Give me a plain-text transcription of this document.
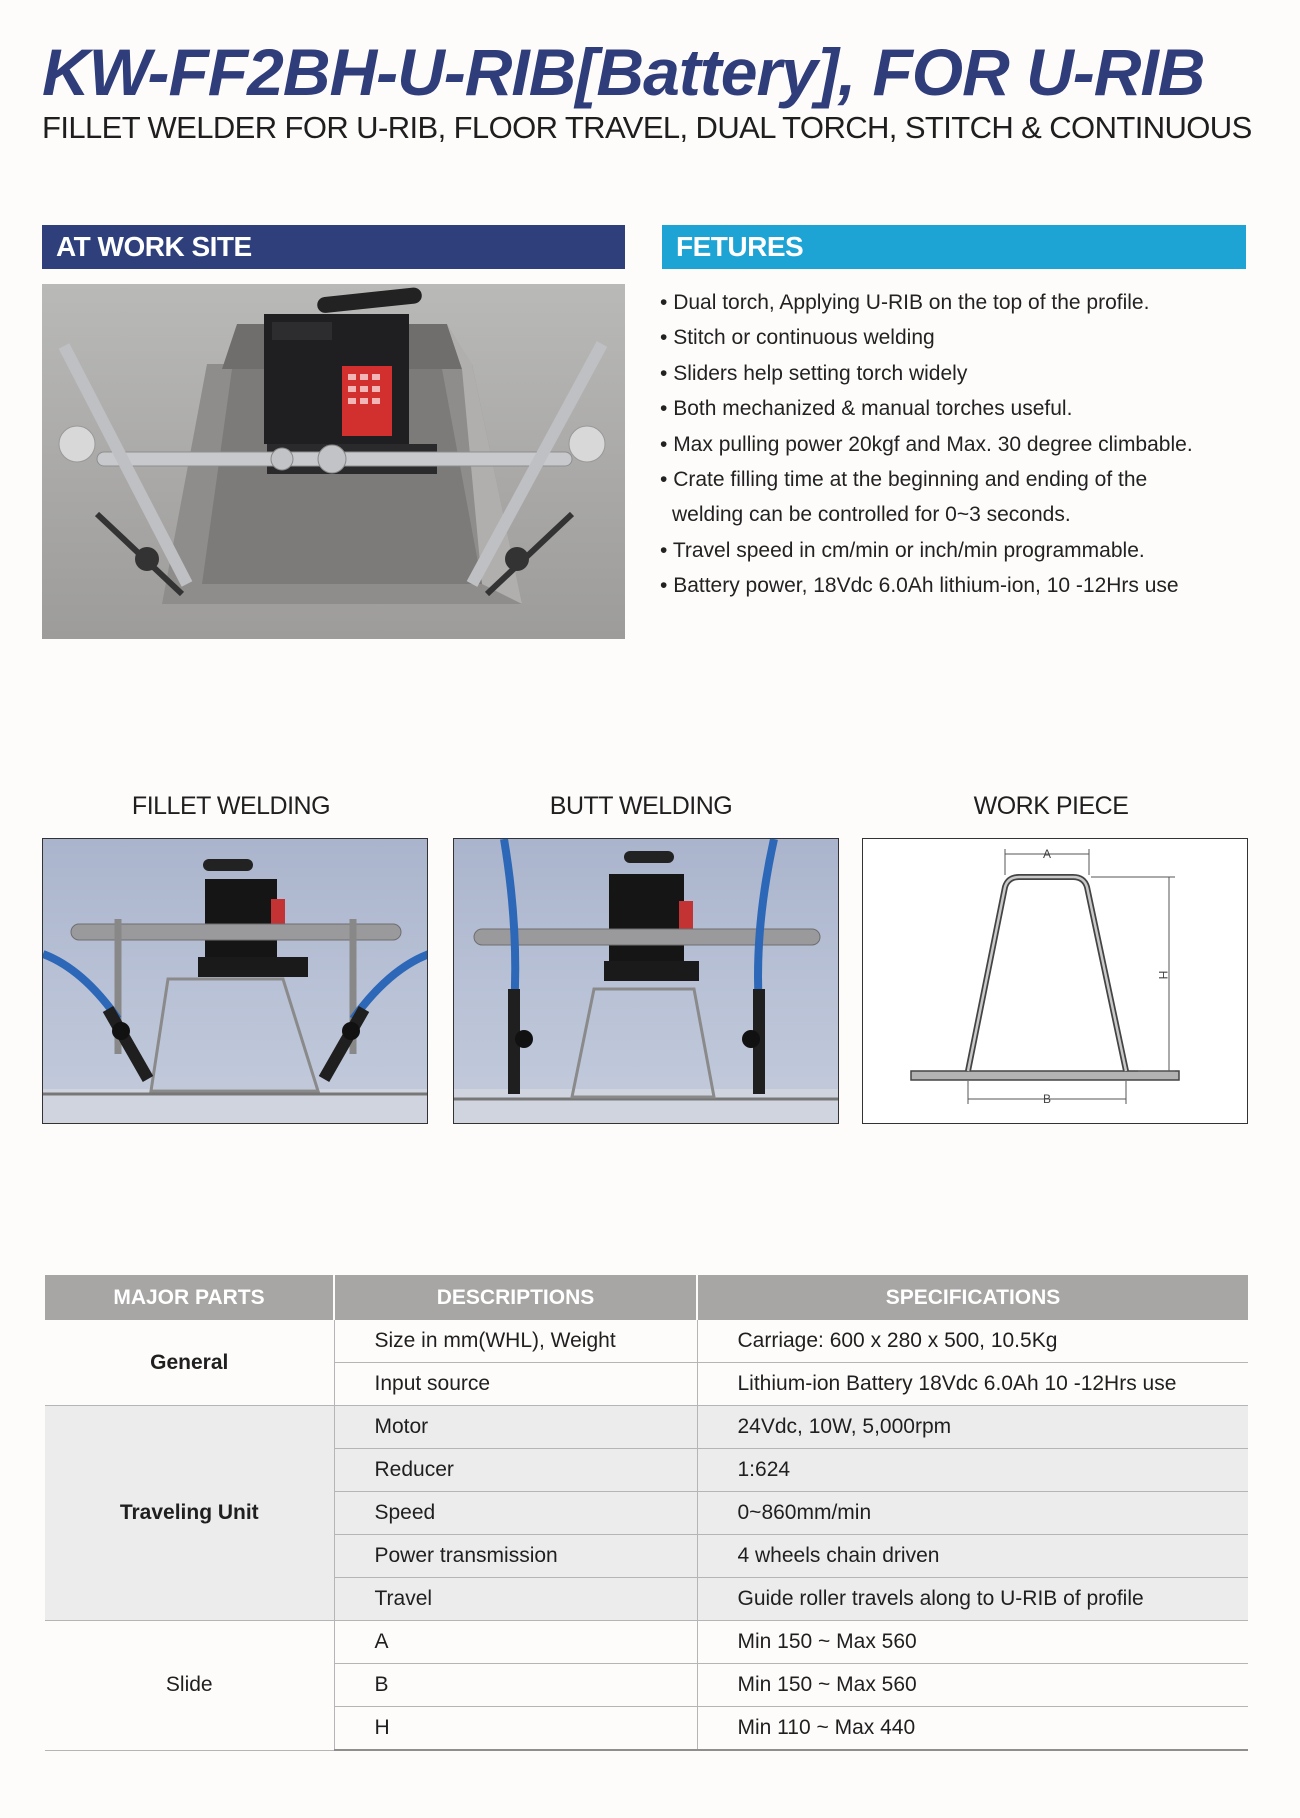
KW-FF2BH-U-RIB[Battery], FOR U-RIB
FILLET WELDER FOR U-RIB, FLOOR TRAVEL, DUAL TORCH, STITCH & CONTINUOUS
AT WORK SITE	FETURES
• Dual torch, Applying U-RIB on the top of the profile.
• Stitch or continuous welding
• Sliders help setting torch widely
• Both mechanized & manual torches useful.
• Max pulling power 20kgf and Max. 30 degree climbable.
• Crate filling time at the beginning and ending of the
welding can be controlled for 0~3 seconds.
• Travel speed in cm/min or inch/min programmable.
• Battery power, 18Vdc 6.0Ah lithium-ion, 10 -12Hrs use
FILLET WELDING	BUTT WELDING	WORK PIECE
A
H
B
MAJOR PARTS	DESCRIPTIONS	SPECIFICATIONS
General	Size in mm(WHL), Weight	Carriage: 600 x 280 x 500, 10.5Kg
	Input source	Lithium-ion Battery 18Vdc 6.0Ah 10 -12Hrs use
Traveling Unit	Motor	24Vdc, 10W, 5,000rpm
	Reducer	1:624
	Speed	0~860mm/min
	Power transmission	4 wheels chain driven
	Travel	Guide roller travels along to U-RIB of profile
Slide	A	Min 150 ~ Max 560
	B	Min 150 ~ Max 560
	H	Min 110 ~ Max 440
